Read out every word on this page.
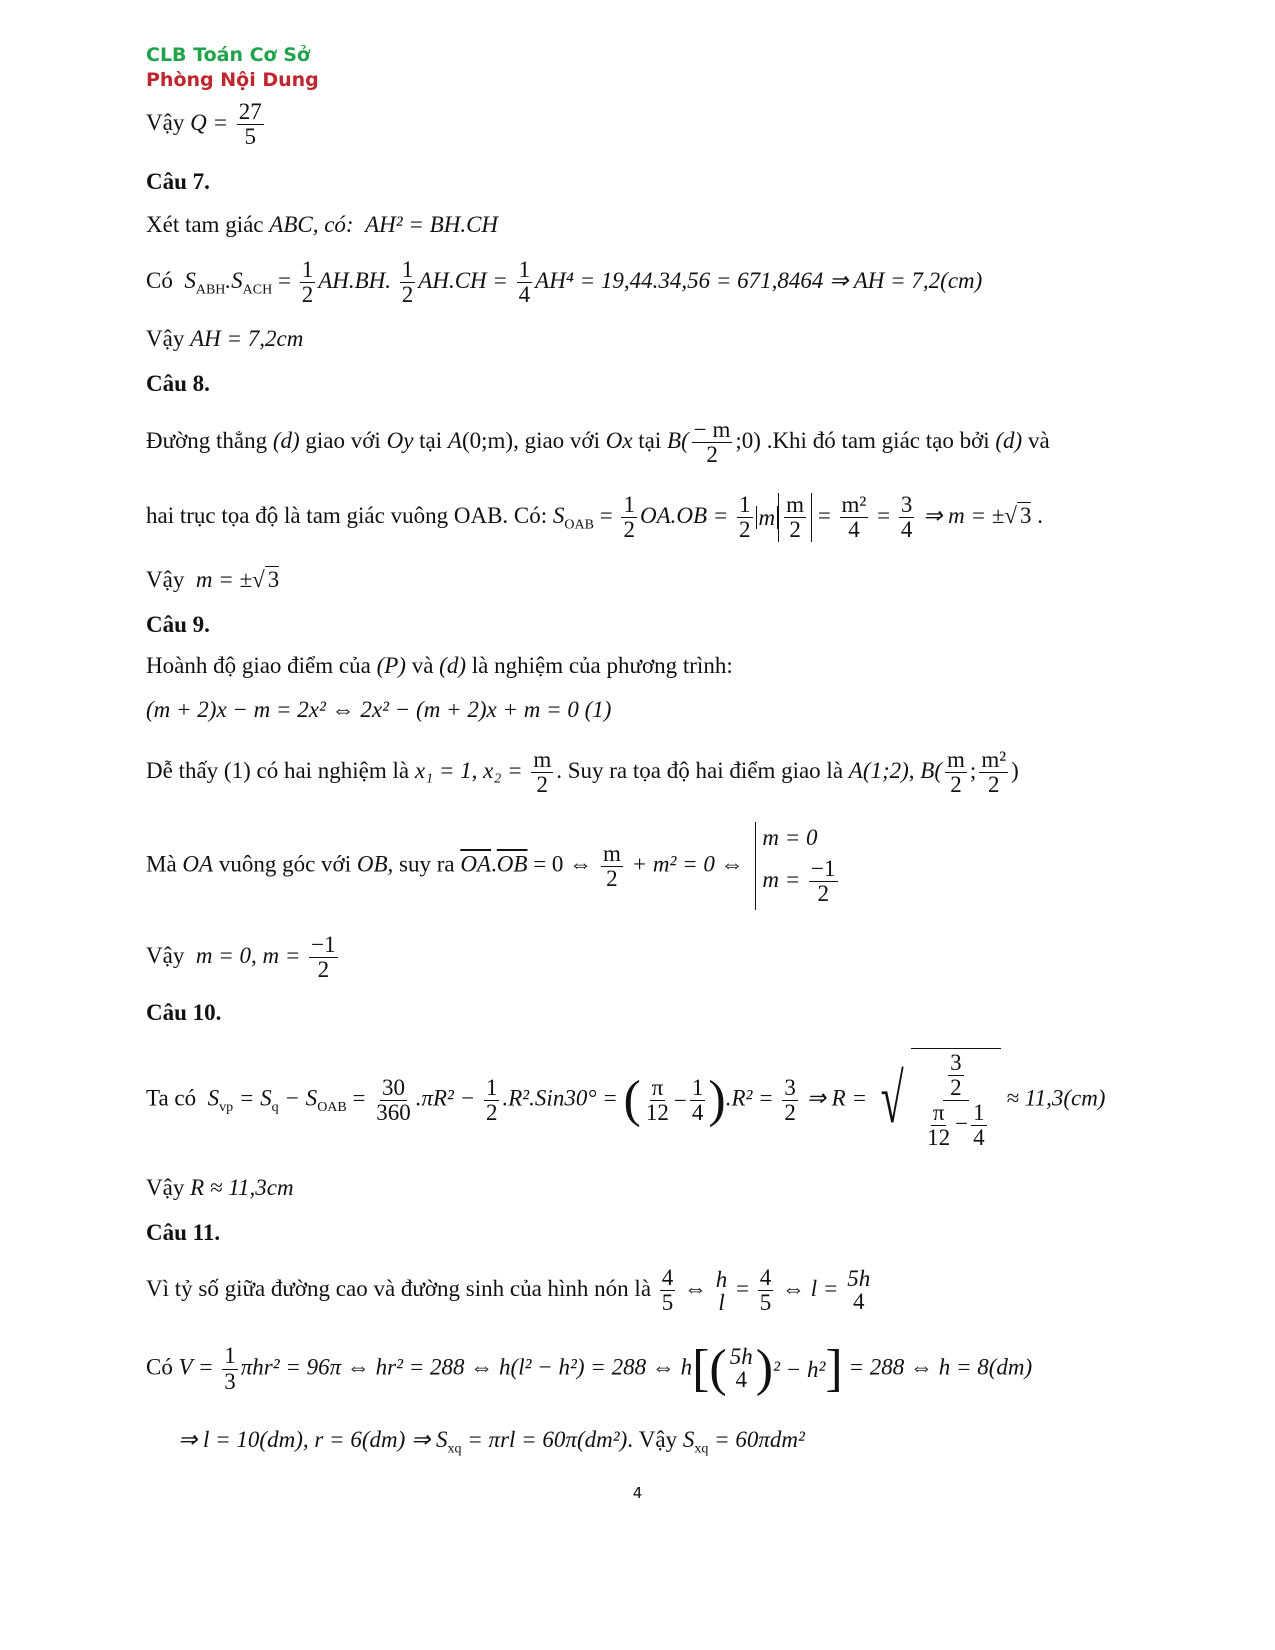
CLB Toán Cơ Sở
Phòng Nội Dung
Vậy $Q = \frac{27}{5}$
Câu 7.
Xét tam giác ABC, có: AH² = BH.CH
Có $S_{ABH}.S_{ACH} = \frac{1}{2} AH.BH$. $\frac{1}{2} AH.CH = \frac{1}{4} AH^4 = 19,44.34,56 = 671,8464$ ⇒ AH = 7,2(cm)
Vậy AH = 7,2cm
Câu 8.
Đường thẳng (d) giao với Oy tại A(0;m), giao với Ox tại $B( \frac{- m}{2}$ ;0) .Khi đó tam giác tạo bởi (d) và
hai trục tọa độ là tam giác vuông OAB. Có: $S_{OAB} = \frac{1}{2} OA.OB = \frac{1}{2}$ m $\frac{m}{2} = \frac{\text{m²}}{4} = \frac{3}{4}$ ⇒ m = ±√ 3 .
Vậy m = ±√ 3
Câu 9.
Hoành độ giao điểm của (P) và (d) là nghiệm của phương trình:
(m + 2)x − m = 2x² ⇔ 2x² − (m + 2)x + m = 0 (1)
Dễ thấy (1) có hai nghiệm là x₁ = 1, $x_2 = \frac{m}{2}$ . Suy ra tọa độ hai điểm giao là A(1;2), $B( \frac{m}{2}$ ; $\frac{\text{m²}}{2}$ )
Mà OA vuông góc với OB, suy ra $\overline{OA}.\overline{OB} = 0$ ⇔ $\frac{m}{2} + m^2 = 0$ ⇔
m = 0
$m = \frac{-1}{2}$
Vậy m = 0, $m = \frac{-1}{2}$
Câu 10.
Ta có $S_{vp} = S_q - S_{OAB} = \frac{30}{360} .\pi R^2 - \frac{1}{2} .R^2.Sin30^\circ$ = ( π
$12 - \frac{1}{4}$ ) $.R^2 = \frac{3}{2}$ ⇒ R = √ $\frac{\frac{3}{2}}{\frac{\pi}{12} - \frac{1}{4}} \approx 11,3(cm)$
Vậy R ≈ 11,3cm
Câu 11.
Vì tỷ số giữa đường cao và đường sinh của hình nón là $\frac{4}{5}$ ⇔ h
l
= $\frac{4}{5}$ ⇔ l = 5h
4
Có $V = \frac{1}{3} \pi hr^2 = 96\pi$ ⇔ hr² = 288 ⇔ h(l² − h²) = 288 ⇔ h [ ( 5h
4 ) ² − h² ] = 288 ⇔ h = 8(dm)
⇒ l = 10(dm), r = 6(dm) ⇒ $S_{xq} = \pi rl = 60\pi(dm^2)$. Vậy $S_{xq} = 60\pi dm^2$
4
